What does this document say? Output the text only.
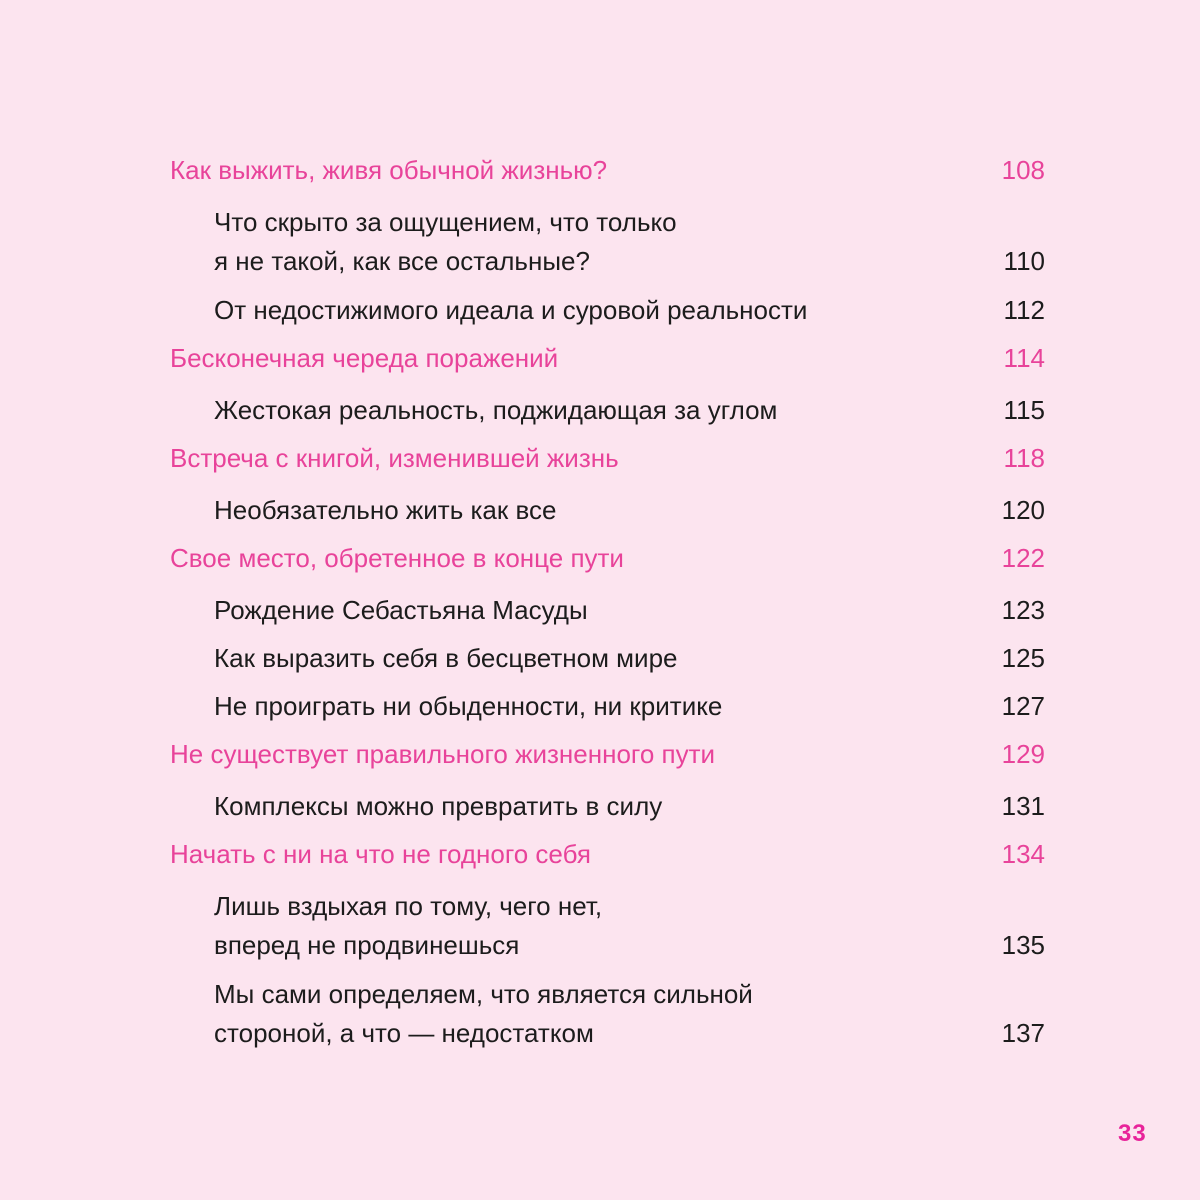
Как выжить, живя обычной жизнью?	108
Что скрыто за ощущением, что только
я не такой, как все остальные?	110
От недостижимого идеала и суровой реальности	112
Бесконечная череда поражений	114
Жестокая реальность, поджидающая за углом	115
Встреча с книгой, изменившей жизнь	118
Необязательно жить как все	120
Свое место, обретенное в конце пути	122
Рождение Себастьяна Масуды	123
Как выразить себя в бесцветном мире	125
Не проиграть ни обыденности, ни критике	127
Не существует правильного жизненного пути	129
Комплексы можно превратить в силу	131
Начать с ни на что не годного себя	134
Лишь вздыхая по тому, чего нет,
вперед не продвинешься	135
Мы сами определяем, что является сильной
стороной, а что — недостатком	137
33
